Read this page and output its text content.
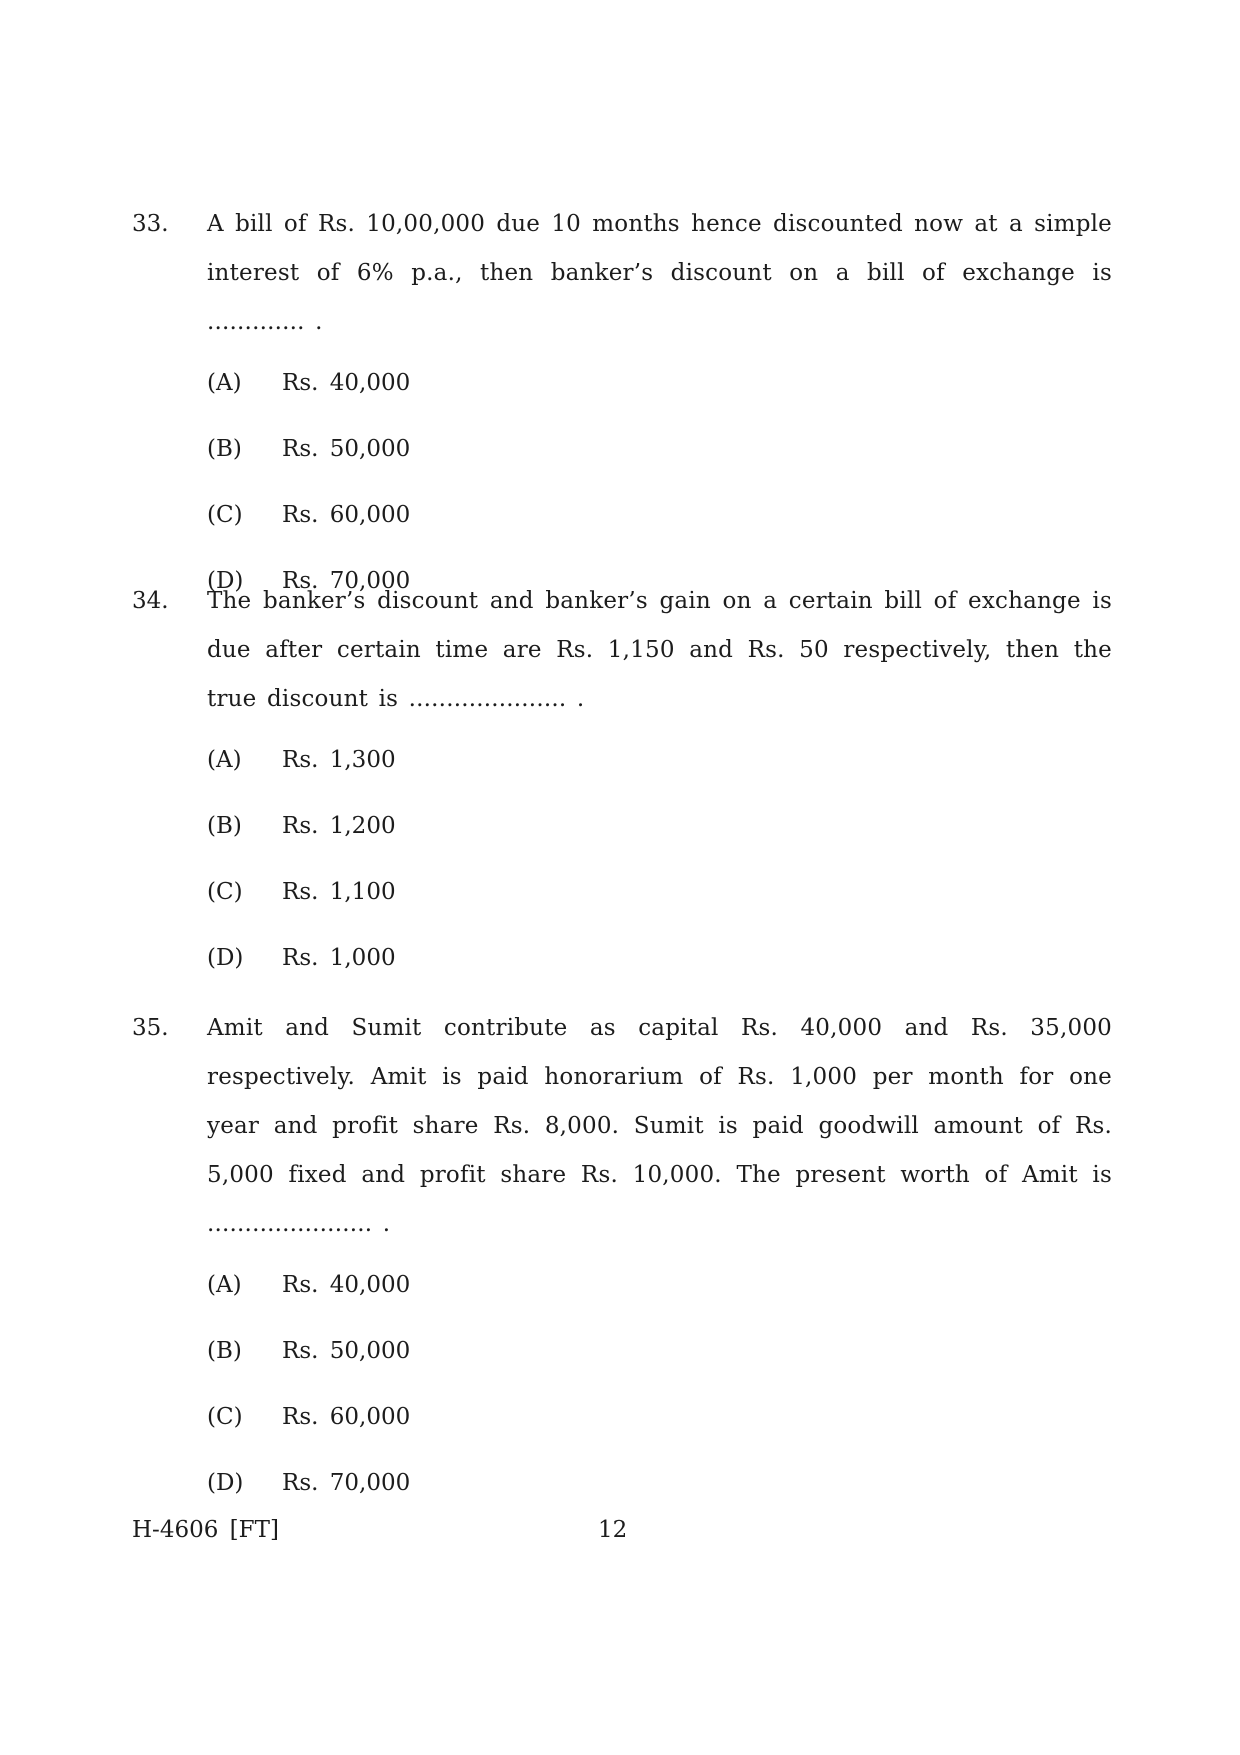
33. A bill of Rs. 10,00,000 due 10 months hence discounted now at a simple interest of 6% p.a., then banker’s discount on a bill of exchange is ............. .
(A)	Rs. 40,000
(B)	Rs. 50,000
(C)	Rs. 60,000
(D)	Rs. 70,000
34. The banker’s discount and banker’s gain on a certain bill of exchange is due after certain time are Rs. 1,150 and Rs. 50 respectively, then the true discount is ..................... .
(A)	Rs. 1,300
(B)	Rs. 1,200
(C)	Rs. 1,100
(D)	Rs. 1,000
35. Amit and Sumit contribute as capital Rs. 40,000 and Rs. 35,000 respectively. Amit is paid honorarium of Rs. 1,000 per month for one year and profit share Rs. 8,000. Sumit is paid goodwill amount of Rs. 5,000 fixed and profit share Rs. 10,000. The present worth of Amit is ...................... .
(A)	Rs. 40,000
(B)	Rs. 50,000
(C)	Rs. 60,000
(D)	Rs. 70,000
H-4606 [FT]	12
